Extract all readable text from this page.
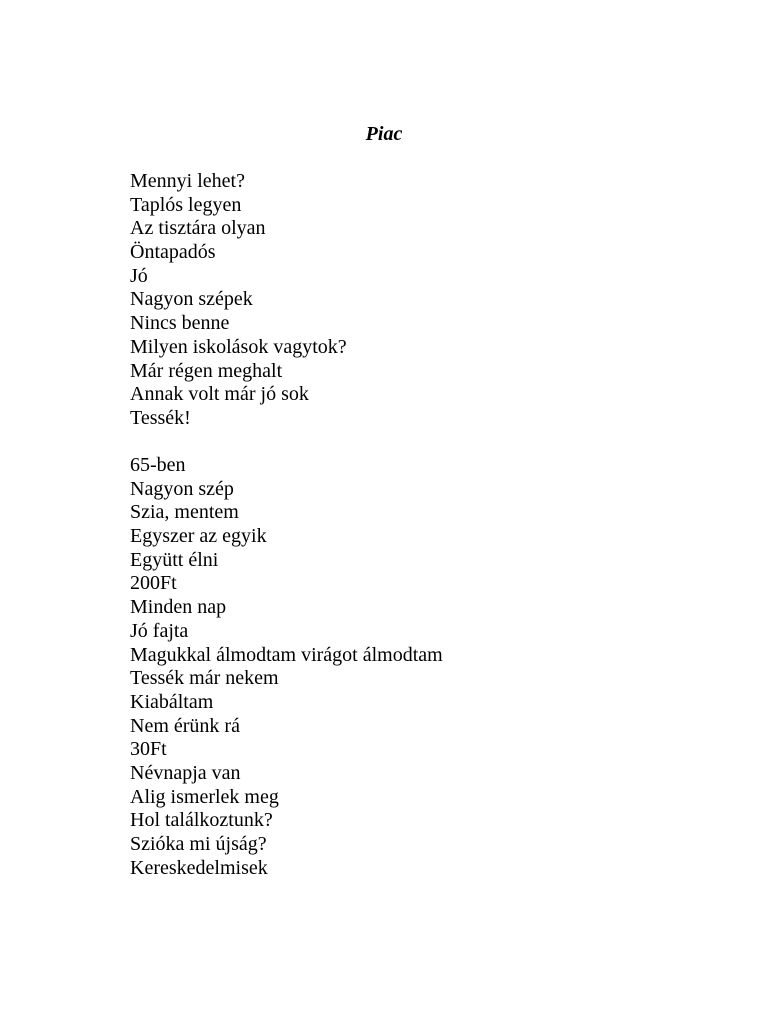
Piac
Mennyi lehet?
Taplós legyen
Az tisztára olyan
Öntapadós
Jó
Nagyon szépek
Nincs benne
Milyen iskolások vagytok?
Már régen meghalt
Annak volt már jó sok
Tessék!
65-ben
Nagyon szép
Szia, mentem
Egyszer az egyik
Együtt élni
200Ft
Minden nap
Jó fajta
Magukkal álmodtam virágot álmodtam
Tessék már nekem
Kiabáltam
Nem érünk rá
30Ft
Névnapja van
Alig ismerlek meg
Hol találkoztunk?
Szióka mi újság?
Kereskedelmisek
